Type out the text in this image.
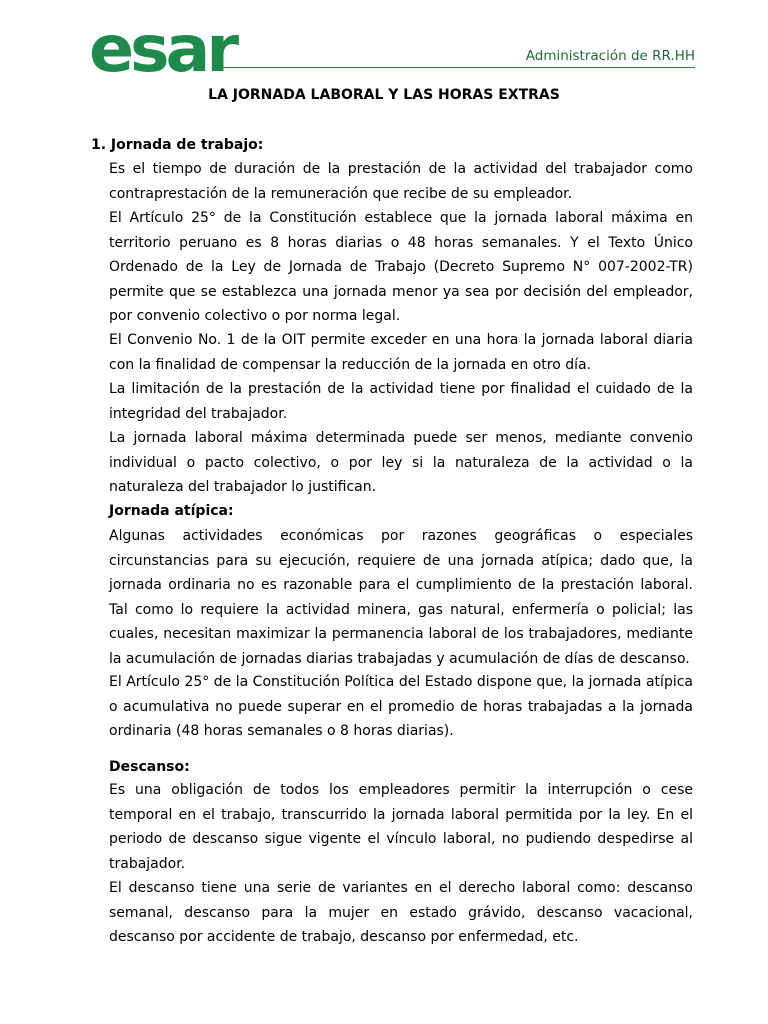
esar	Administración de RR.HH
LA JORNADA LABORAL Y LAS HORAS EXTRAS
1. Jornada de trabajo:
Es el tiempo de duración de la prestación de la actividad del trabajador como contraprestación de la remuneración que recibe de su empleador.
El Artículo 25° de la Constitución establece que la jornada laboral máxima en territorio peruano es 8 horas diarias o 48 horas semanales. Y el Texto Único Ordenado de la Ley de Jornada de Trabajo (Decreto Supremo N° 007-2002-TR) permite que se establezca una jornada menor ya sea por decisión del empleador, por convenio colectivo o por norma legal.
El Convenio No. 1 de la OIT permite exceder en una hora la jornada laboral diaria con la finalidad de compensar la reducción de la jornada en otro día.
La limitación de la prestación de la actividad tiene por finalidad el cuidado de la integridad del trabajador.
La jornada laboral máxima determinada puede ser menos, mediante convenio individual o pacto colectivo, o por ley si la naturaleza de la actividad o la naturaleza del trabajador lo justifican.
Jornada atípica:
Algunas actividades económicas por razones geográficas o especiales circunstancias para su ejecución, requiere de una jornada atípica; dado que, la jornada ordinaria no es razonable para el cumplimiento de la prestación laboral. Tal como lo requiere la actividad minera, gas natural, enfermería o policial; las cuales, necesitan maximizar la permanencia laboral de los trabajadores, mediante la acumulación de jornadas diarias trabajadas y acumulación de días de descanso.
El Artículo 25° de la Constitución Política del Estado dispone que, la jornada atípica o acumulativa no puede superar en el promedio de horas trabajadas a la jornada ordinaria (48 horas semanales o 8 horas diarias).
Descanso:
Es una obligación de todos los empleadores permitir la interrupción o cese temporal en el trabajo, transcurrido la jornada laboral permitida por la ley. En el periodo de descanso sigue vigente el vínculo laboral, no pudiendo despedirse al trabajador.
El descanso tiene una serie de variantes en el derecho laboral como: descanso semanal, descanso para la mujer en estado grávido, descanso vacacional, descanso por accidente de trabajo, descanso por enfermedad, etc.
